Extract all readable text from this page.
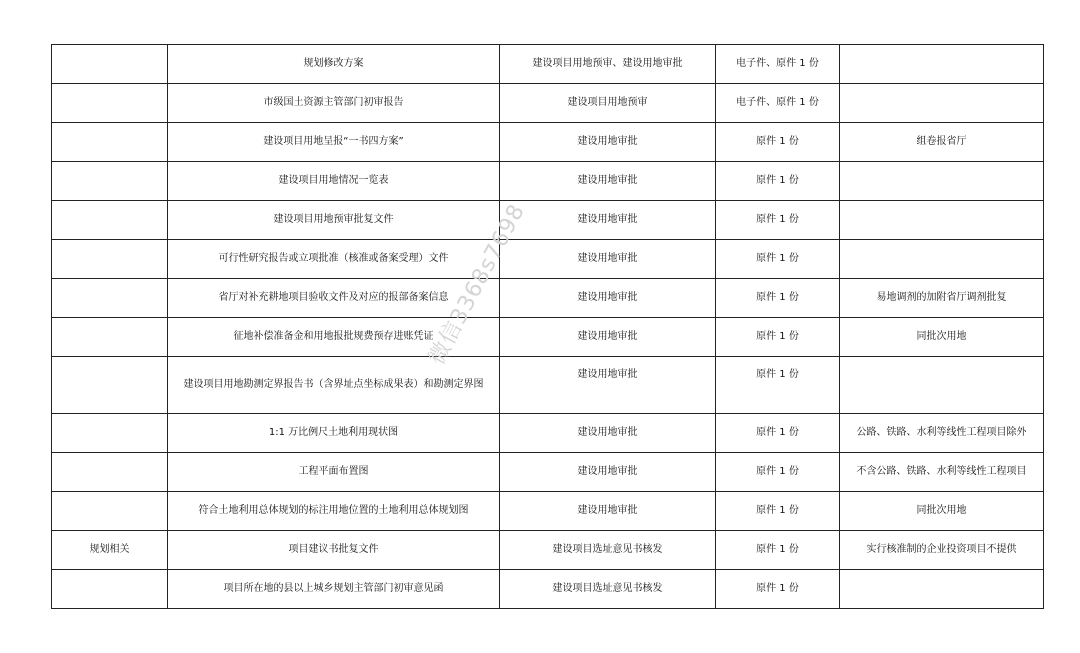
	规划修改方案	建设项目用地预审、建设用地审批	电子件、原件 1 份	
	市级国土资源主管部门初审报告	建设项目用地预审	电子件、原件 1 份	
	建设项目用地呈报“一书四方案”	建设用地审批	原件 1 份	组卷报省厅
	建设项目用地情况一览表	建设用地审批	原件 1 份	
	建设项目用地预审批复文件	建设用地审批	原件 1 份	
	可行性研究报告或立项批准（核准或备案受理）文件	建设用地审批	原件 1 份	
	省厅对补充耕地项目验收文件及对应的报部备案信息	建设用地审批	原件 1 份	易地调剂的加附省厅调剂批复
	征地补偿准备金和用地报批规费预存进账凭证	建设用地审批	原件 1 份	同批次用地
	建设项目用地勘测定界报告书（含界址点坐标成果表）和勘测定界图	建设用地审批	原件 1 份	
	1:1 万比例尺土地利用现状图	建设用地审批	原件 1 份	公路、铁路、水利等线性工程项目除外
	工程平面布置图	建设用地审批	原件 1 份	不含公路、铁路、水利等线性工程项目
	符合土地利用总体规划的标注用地位置的土地利用总体规划图	建设用地审批	原件 1 份	同批次用地
规划相关	项目建议书批复文件	建设项目选址意见书核发	原件 1 份	实行核准制的企业投资项目不提供
	项目所在地的县以上城乡规划主管部门初审意见函	建设项目选址意见书核发	原件 1 份	
微信3368s7698
